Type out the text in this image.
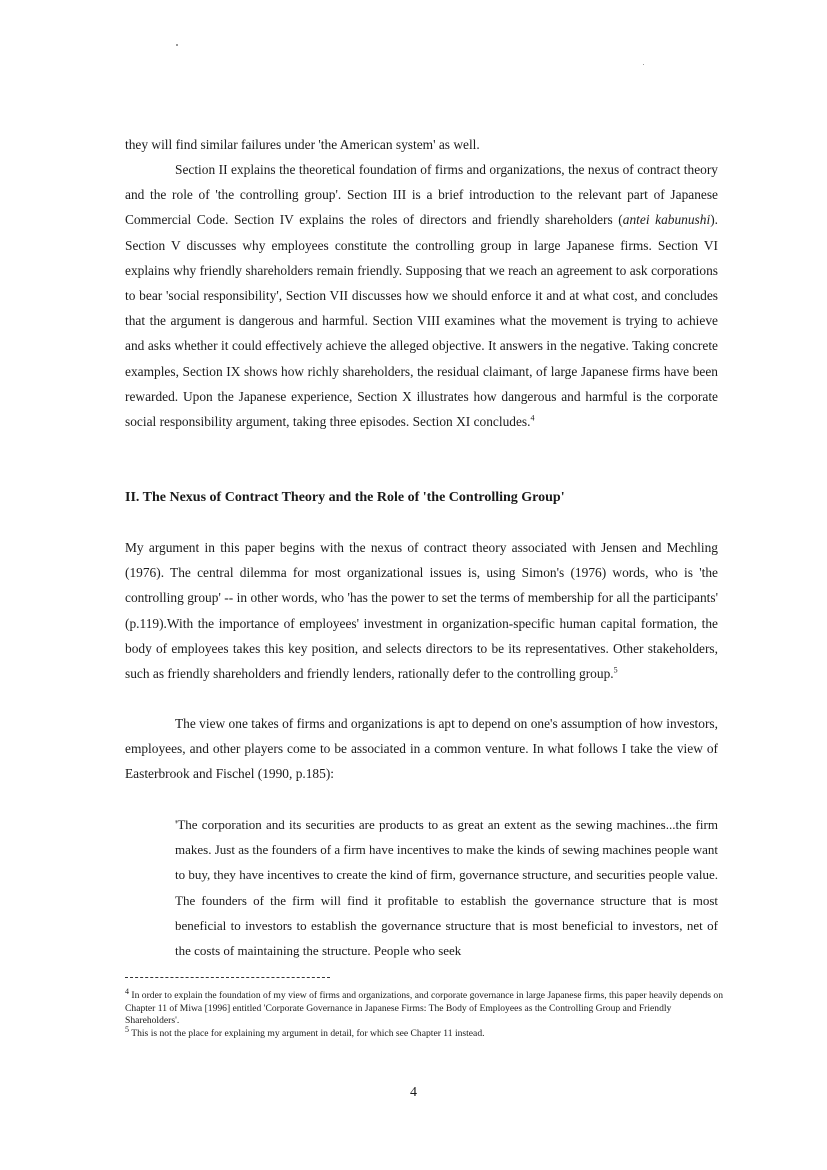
they will find similar failures under 'the American system' as well.

Section II explains the theoretical foundation of firms and organizations, the nexus of contract theory and the role of 'the controlling group'. Section III is a brief introduction to the relevant part of Japanese Commercial Code. Section IV explains the roles of directors and friendly shareholders (antei kabunushi). Section V discusses why employees constitute the controlling group in large Japanese firms. Section VI explains why friendly shareholders remain friendly. Supposing that we reach an agreement to ask corporations to bear 'social responsibility', Section VII discusses how we should enforce it and at what cost, and concludes that the argument is dangerous and harmful. Section VIII examines what the movement is trying to achieve and asks whether it could effectively achieve the alleged objective. It answers in the negative. Taking concrete examples, Section IX shows how richly shareholders, the residual claimant, of large Japanese firms have been rewarded. Upon the Japanese experience, Section X illustrates how dangerous and harmful is the corporate social responsibility argument, taking three episodes. Section XI concludes.$^4$

II. The Nexus of Contract Theory and the Role of 'the Controlling Group'

My argument in this paper begins with the nexus of contract theory associated with Jensen and Mechling (1976). The central dilemma for most organizational issues is, using Simon's (1976) words, who is 'the controlling group' -- in other words, who 'has the power to set the terms of membership for all the participants' (p.119).With the importance of employees' investment in organization-specific human capital formation, the body of employees takes this key position, and selects directors to be its representatives. Other stakeholders, such as friendly shareholders and friendly lenders, rationally defer to the controlling group.$^5$

The view one takes of firms and organizations is apt to depend on one's assumption of how investors, employees, and other players come to be associated in a common venture. In what follows I take the view of Easterbrook and Fischel (1990, p.185):

'The corporation and its securities are products to as great an extent as the sewing machines...the firm makes. Just as the founders of a firm have incentives to make the kinds of sewing machines people want to buy, they have incentives to create the kind of firm, governance structure, and securities people value. The founders of the firm will find it profitable to establish the governance structure that is most beneficial to investors to establish the governance structure that is most beneficial to investors, net of the costs of maintaining the structure. People who seek

$^4$ In order to explain the foundation of my view of firms and organizations, and corporate governance in large Japanese firms, this paper heavily depends on Chapter 11 of Miwa [1996] entitled 'Corporate Governance in Japanese Firms: The Body of Employees as the Controlling Group and Friendly Shareholders'.

$^5$ This is not the place for explaining my argument in detail, for which see Chapter 11 instead.

4
